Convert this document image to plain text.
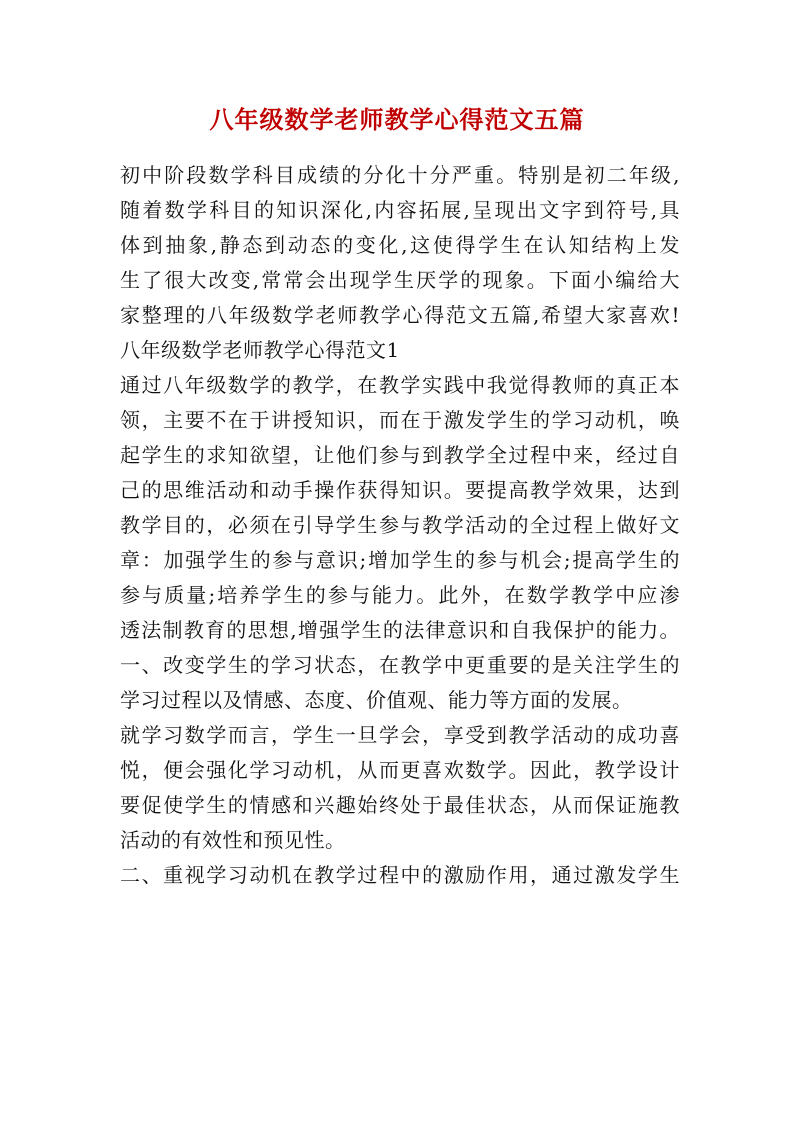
八年级数学老师教学心得范文五篇
初中阶段数学科目成绩的分化十分严重。特别是初二年级,
随着数学科目的知识深化,内容拓展,呈现出文字到符号,具
体到抽象,静态到动态的变化,这使得学生在认知结构上发
生了很大改变,常常会出现学生厌学的现象。下面小编给大
家整理的八年级数学老师教学心得范文五篇,希望大家喜欢!
八年级数学老师教学心得范文1
通过八年级数学的教学，在教学实践中我觉得教师的真正本
领，主要不在于讲授知识，而在于激发学生的学习动机，唤
起学生的求知欲望，让他们参与到教学全过程中来，经过自
己的思维活动和动手操作获得知识。要提高教学效果，达到
教学目的，必须在引导学生参与教学活动的全过程上做好文
章：加强学生的参与意识;增加学生的参与机会;提高学生的
参与质量;培养学生的参与能力。此外，在数学教学中应渗
透法制教育的思想,增强学生的法律意识和自我保护的能力。
一、改变学生的学习状态，在教学中更重要的是关注学生的
学习过程以及情感、态度、价值观、能力等方面的发展。
就学习数学而言，学生一旦学会，享受到教学活动的成功喜
悦，便会强化学习动机，从而更喜欢数学。因此，教学设计
要促使学生的情感和兴趣始终处于最佳状态，从而保证施教
活动的有效性和预见性。
二、重视学习动机在教学过程中的激励作用，通过激发学生
